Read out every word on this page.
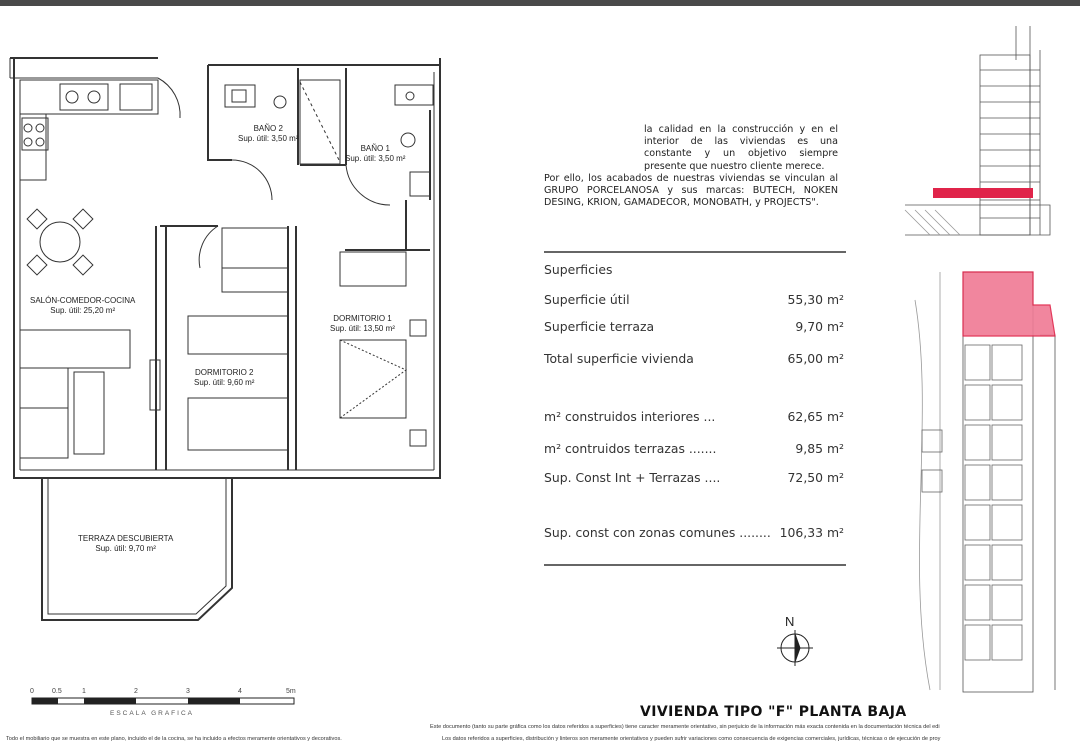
BAÑO 2
Sup. útil: 3,50 m²
BAÑO 1
Sup. útil: 3,50 m²
SALÓN-COMEDOR-COCINA
Sup. útil: 25,20 m²
DORMITORIO 1
Sup. útil: 13,50 m²
DORMITORIO 2
Sup. útil: 9,60 m²
TERRAZA DESCUBIERTA
Sup. útil: 9,70 m²
0	0.5	1	2	3	4	5m
ESCALA GRAFICA
N

la calidad en la construcción y en el interior de las viviendas es una constante y un objetivo siempre presente que nuestro cliente merece.

Por ello, los acabados de nuestras viviendas se vinculan al GRUPO PORCELANOSA y sus marcas: BUTECH, NOKEN DESING, KRION, GAMADECOR, MONOBATH, y PROJECTS".

Superficies
Superficie útil	55,30 m²
Superficie terraza	9,70 m²
Total superficie vivienda	65,00 m²
m² construidos interiores ...	62,65 m²
m² contruidos terrazas .......	9,85 m²
Sup. Const Int + Terrazas ....	72,50 m²
Sup. const con zonas comunes ........ 106,33 m²
VIVIENDA TIPO "F" PLANTA BAJA
Este documento (tanto su parte gráfica como los datos referidos a superficies) tiene caracter meramente orientativo, sin perjuicio de la información más exacta contenida en la documentación técnica del edi
Todo el mobiliario que se muestra en este plano, incluido el de la cocina, se ha incluido a efectos meramente orientativos y decorativos.	Los datos referidos a superficies, distribución y linteros son meramente orientativos y pueden sufrir variaciones como consecuencia de exigencias comerciales, jurídicas, técnicas o de ejecución de proy
